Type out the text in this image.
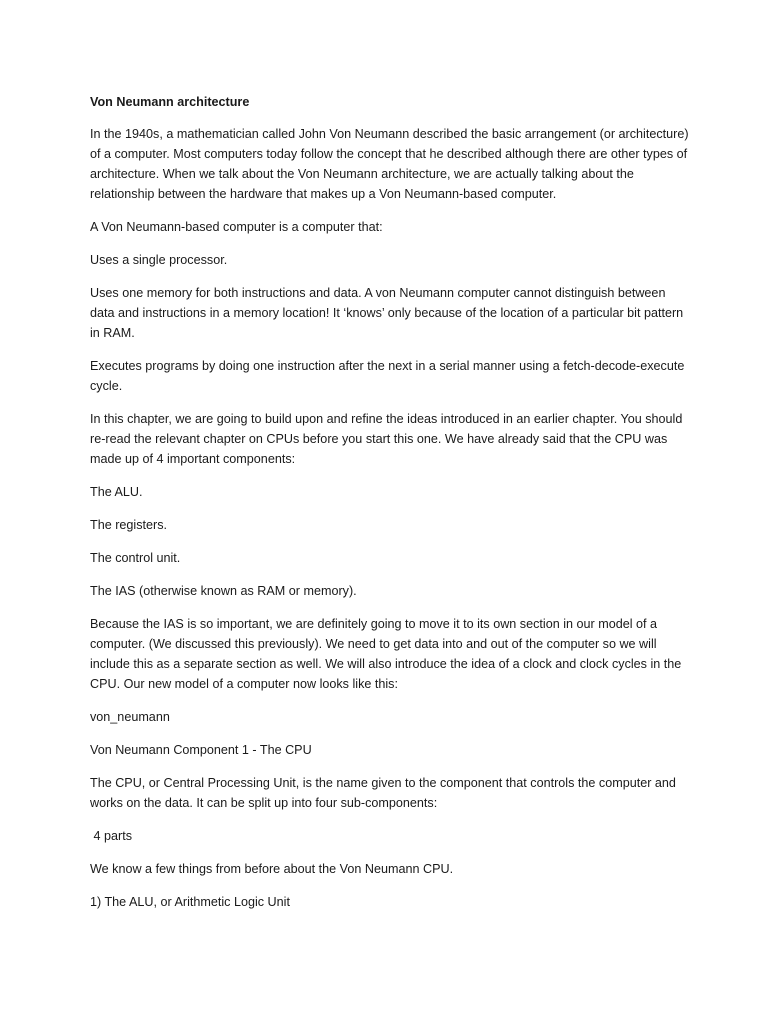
Von Neumann architecture

In the 1940s, a mathematician called John Von Neumann described the basic arrangement (or architecture) of a computer. Most computers today follow the concept that he described although there are other types of architecture. When we talk about the Von Neumann architecture, we are actually talking about the relationship between the hardware that makes up a Von Neumann-based computer.

A Von Neumann-based computer is a computer that:

Uses a single processor.

Uses one memory for both instructions and data. A von Neumann computer cannot distinguish between data and instructions in a memory location! It ‘knows’ only because of the location of a particular bit pattern in RAM.

Executes programs by doing one instruction after the next in a serial manner using a fetch-decode-execute cycle.

In this chapter, we are going to build upon and refine the ideas introduced in an earlier chapter. You should re-read the relevant chapter on CPUs before you start this one. We have already said that the CPU was made up of 4 important components:

The ALU.

The registers.

The control unit.

The IAS (otherwise known as RAM or memory).

Because the IAS is so important, we are definitely going to move it to its own section in our model of a computer. (We discussed this previously). We need to get data into and out of the computer so we will include this as a separate section as well. We will also introduce the idea of a clock and clock cycles in the CPU. Our new model of a computer now looks like this:

von_neumann

Von Neumann Component 1 - The CPU

The CPU, or Central Processing Unit, is the name given to the component that controls the computer and works on the data. It can be split up into four sub-components:

4 parts

We know a few things from before about the Von Neumann CPU.

1) The ALU, or Arithmetic Logic Unit
